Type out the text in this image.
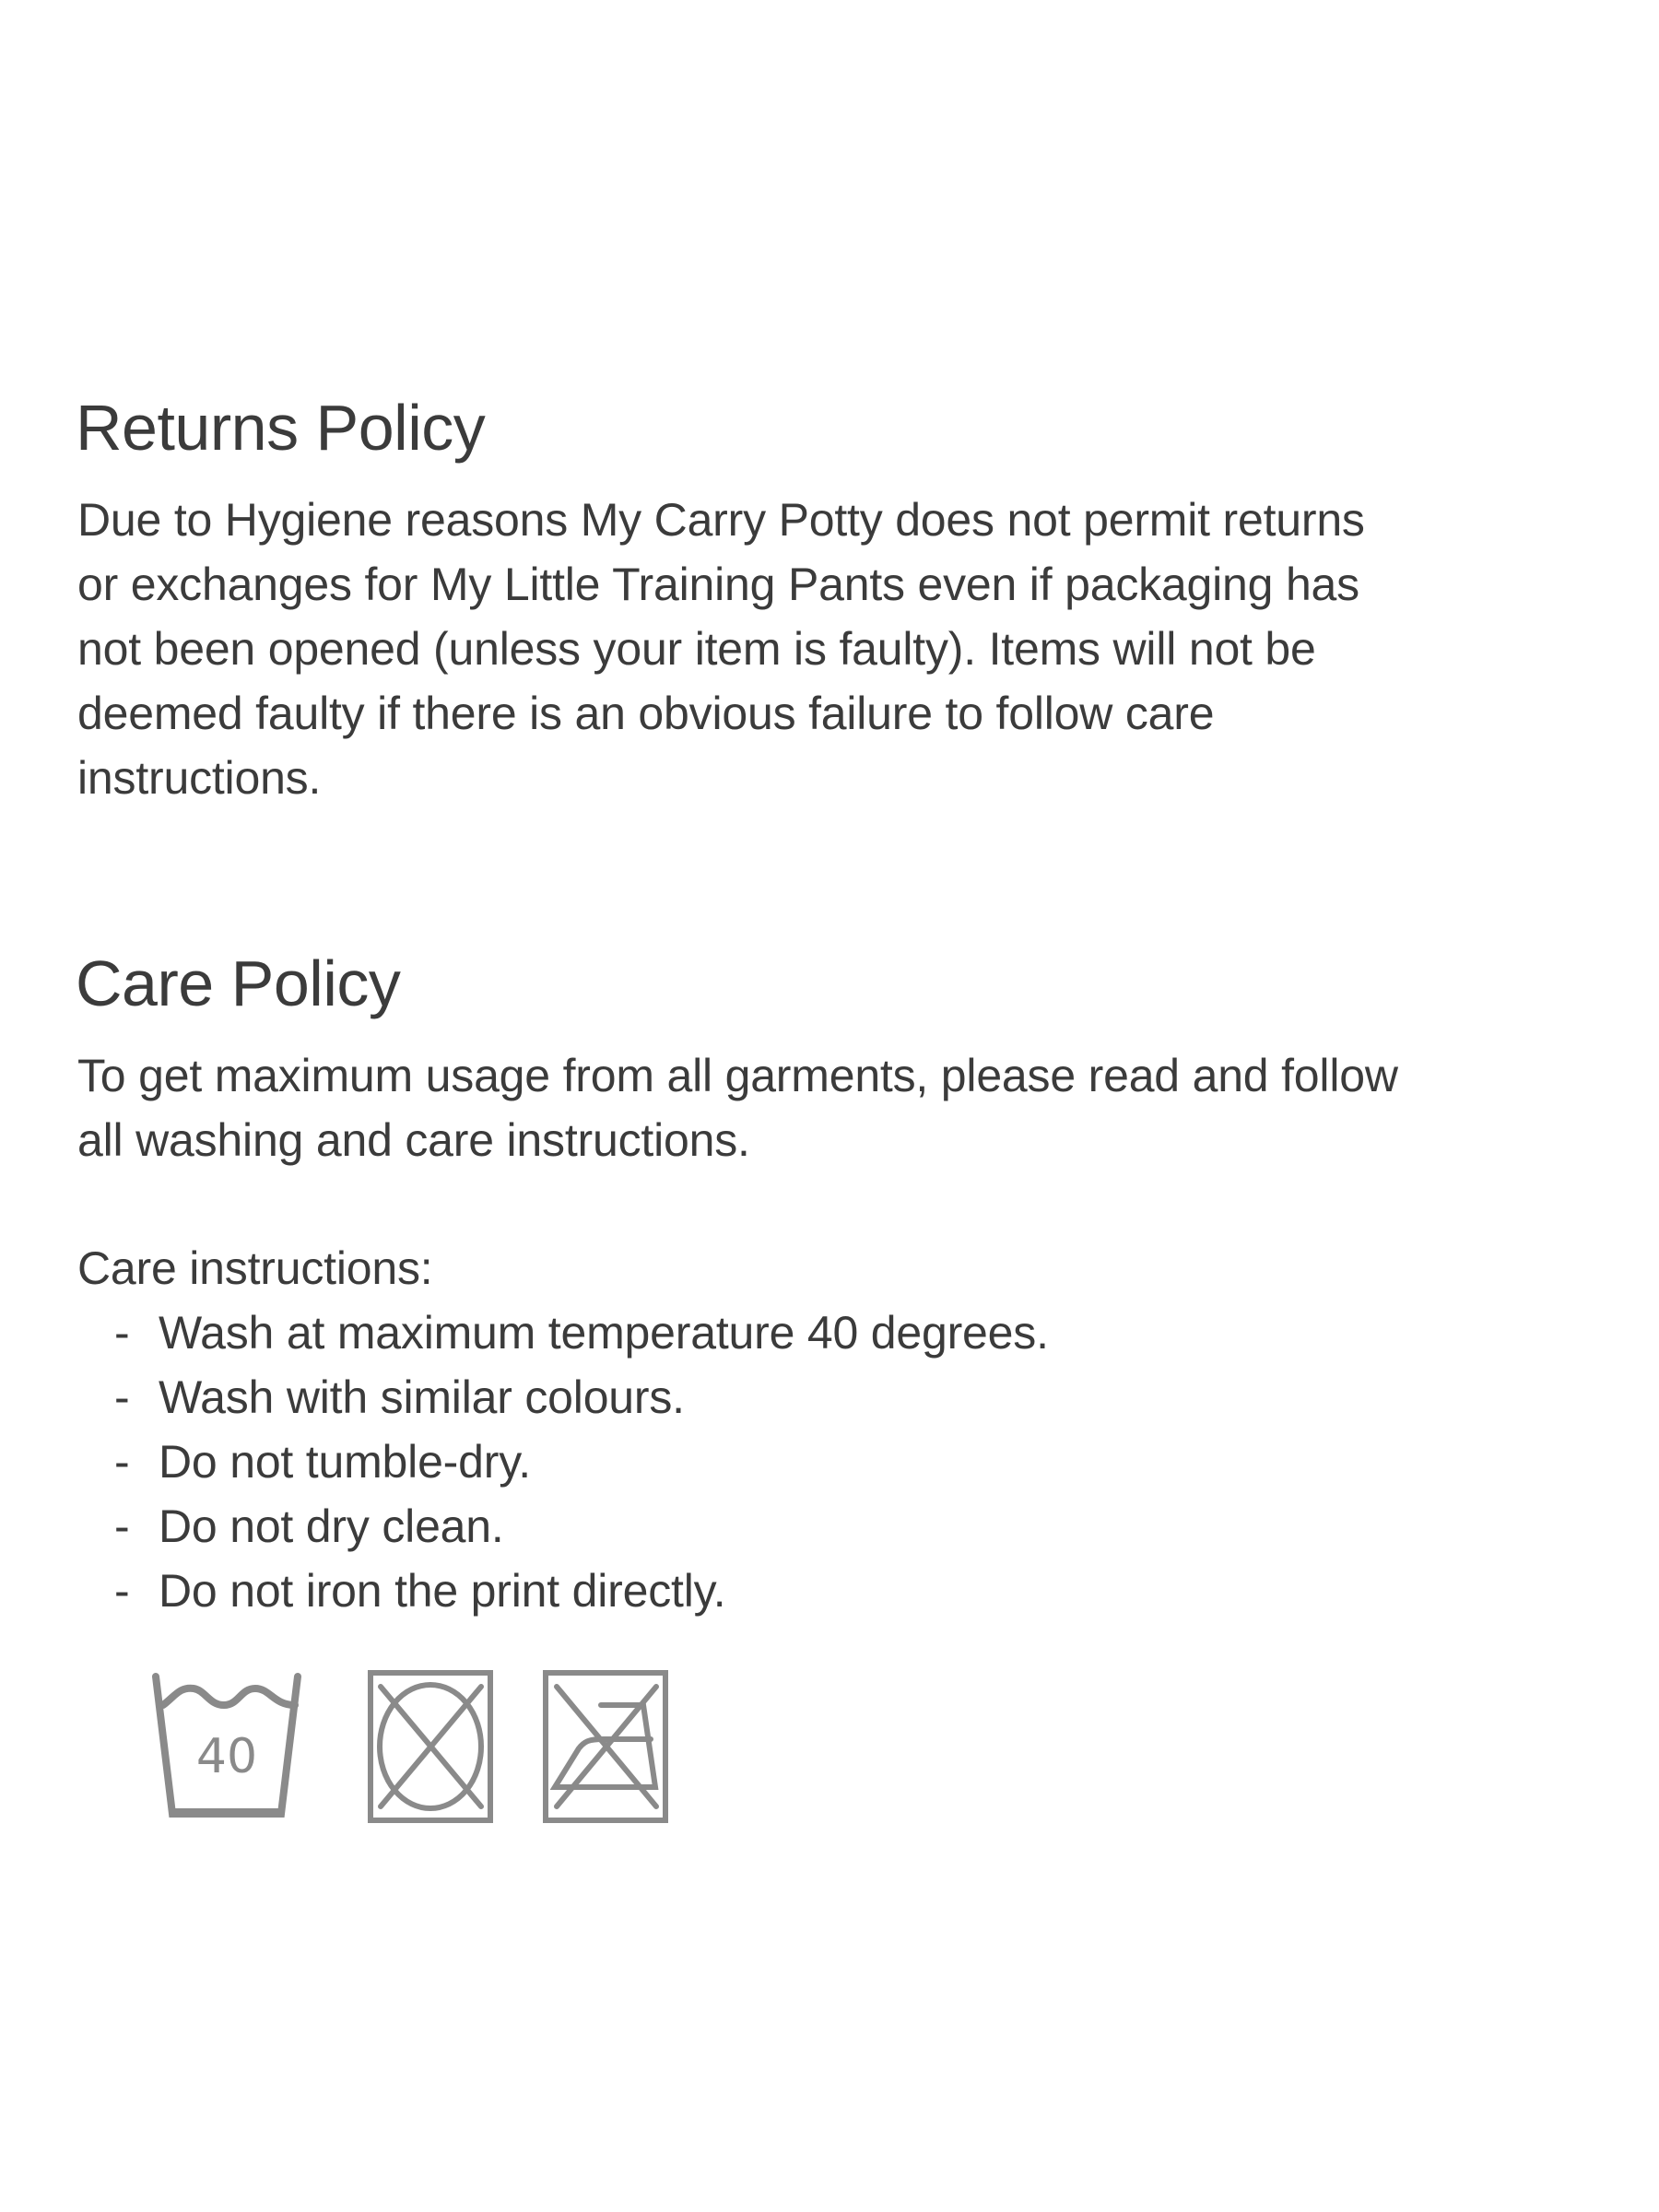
Returns Policy
Due to Hygiene reasons My Carry Potty does not permit returns
or exchanges for My Little Training Pants even if packaging has
not been opened (unless your item is faulty). Items will not be
deemed faulty if there is an obvious failure to follow care
instructions.
Care Policy
To get maximum usage from all garments, please read and follow
all washing and care instructions.
Care instructions:
- Wash at maximum temperature 40 degrees.
- Wash with similar colours.
- Do not tumble-dry.
- Do not dry clean.
- Do not iron the print directly.
40
